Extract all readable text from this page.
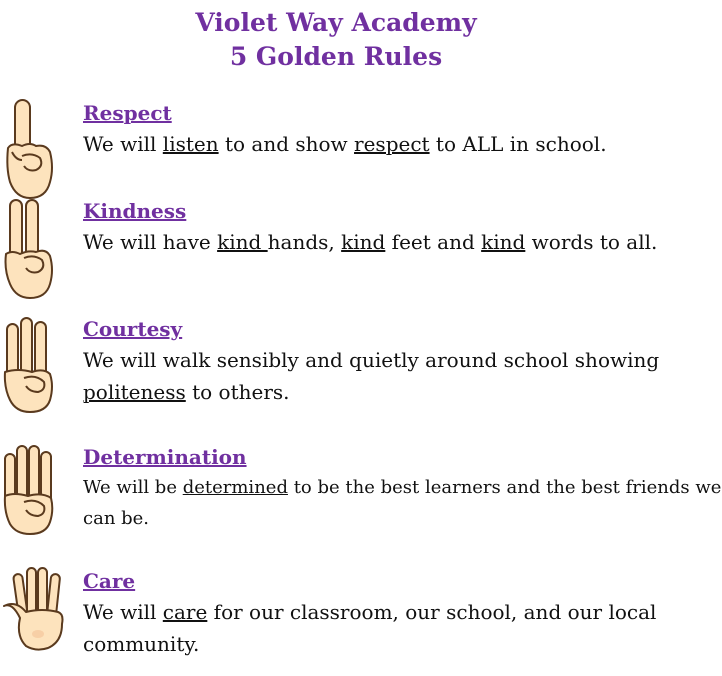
Violet Way Academy
5 Golden Rules
Respect
We will listen to and show respect to ALL in school.
Kindness
We will have kind hands, kind feet and kind words to all.
Courtesy
We will walk sensibly and quietly around school showing politeness to others.
Determination
We will be determined to be the best learners and the best friends we can be.
Care
We will care for our classroom, our school, and our local community.
